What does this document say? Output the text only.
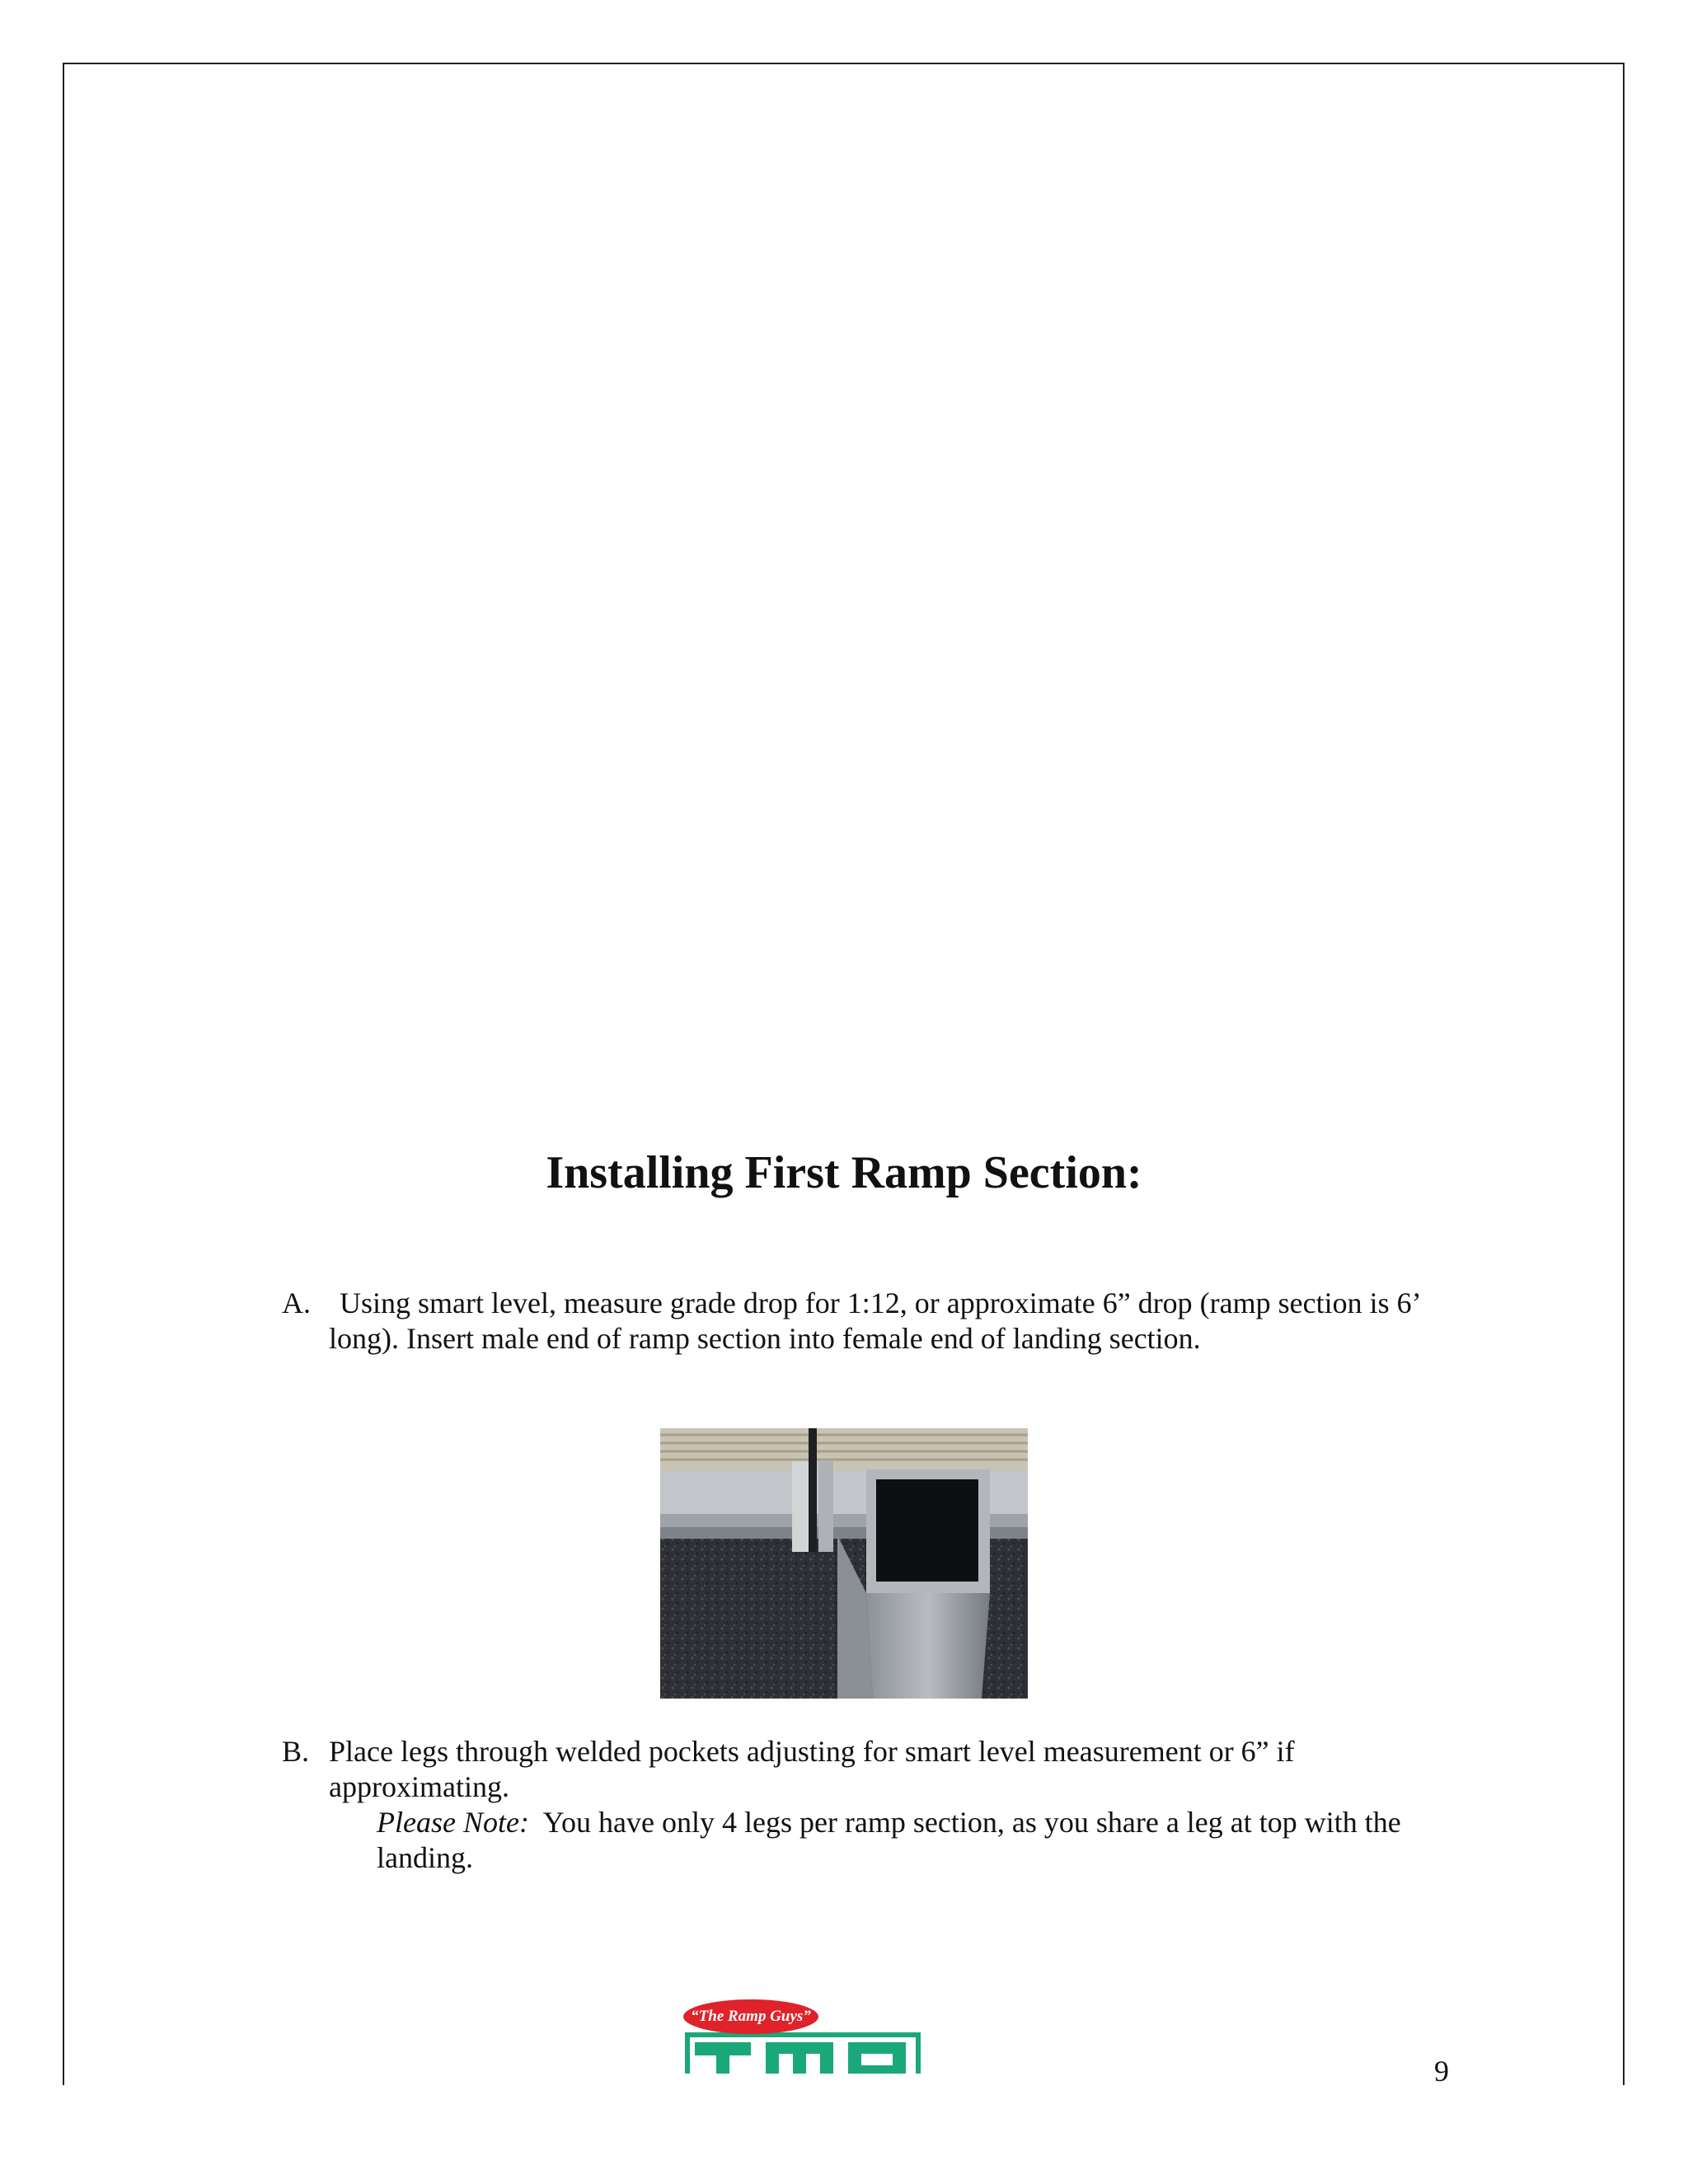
Installing First Ramp Section:
A. Using smart level, measure grade drop for 1:12, or approximate 6” drop (ramp section is 6’ long). Insert male end of ramp section into female end of landing section.
B. Place legs through welded pockets adjusting for smart level measurement or 6” if approximating.
Please Note: You have only 4 legs per ramp section, as you share a leg at top with the landing.
“The Ramp Guys”
9
